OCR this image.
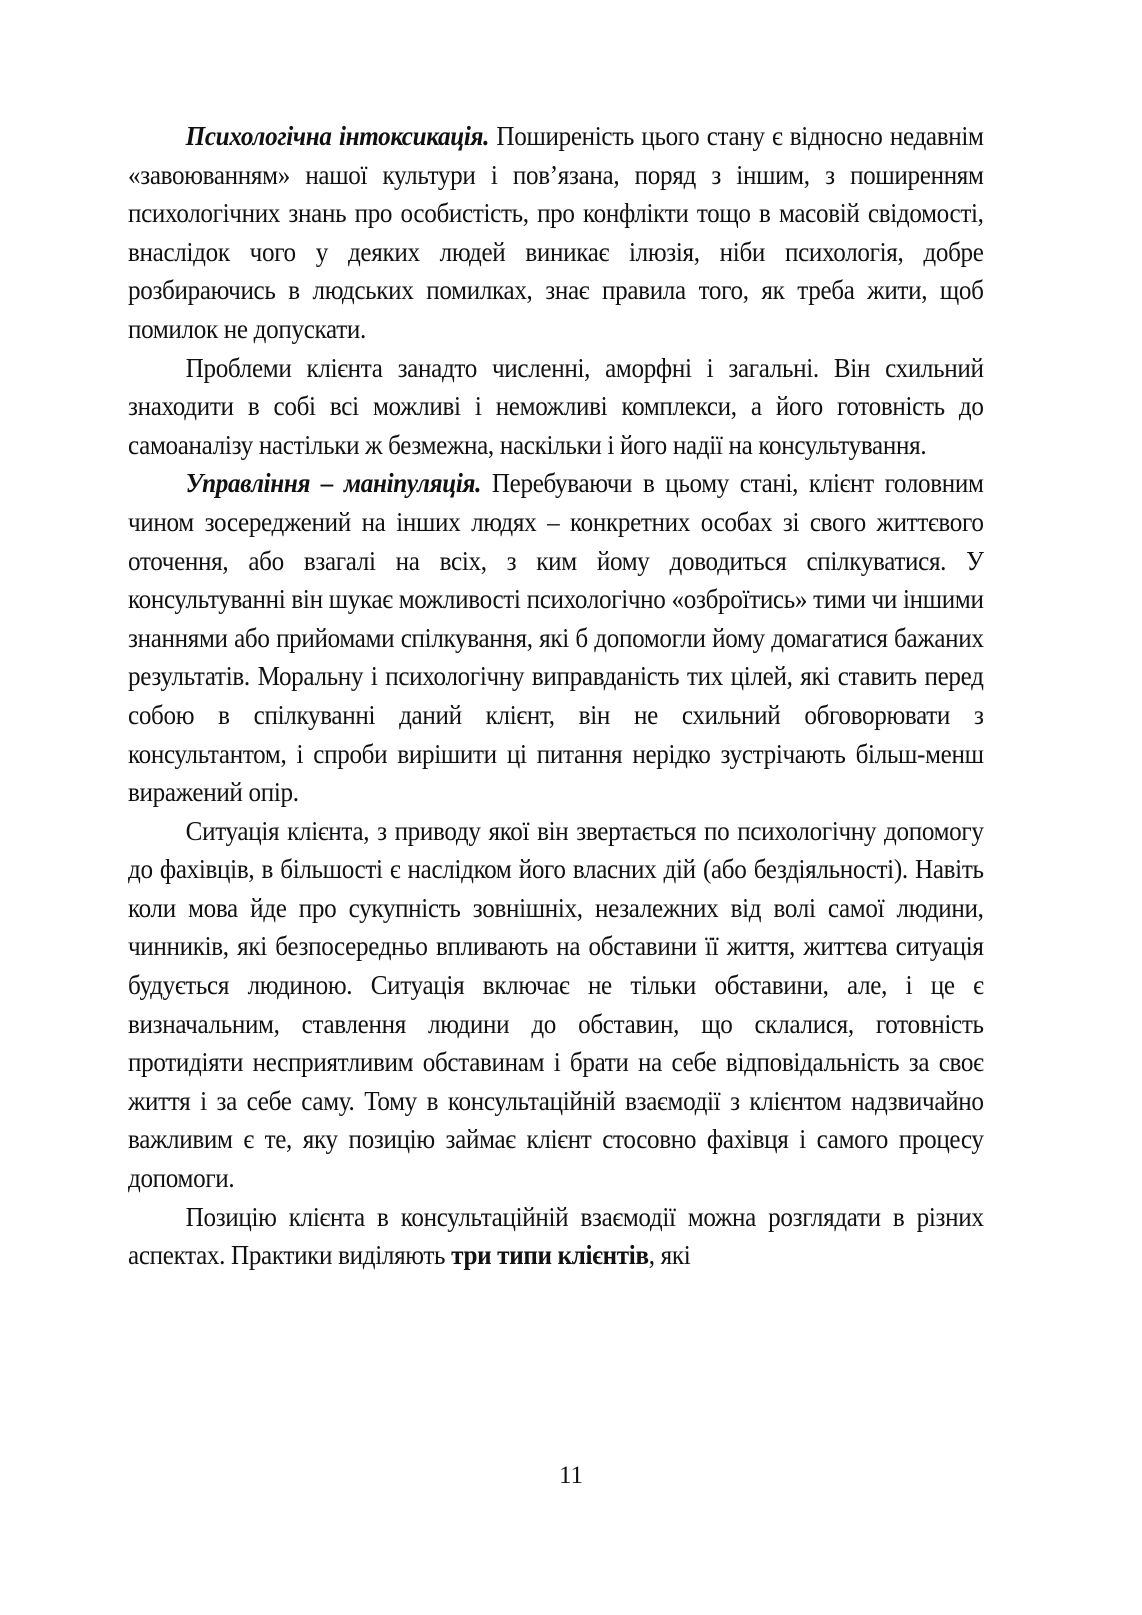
Психологічна інтоксикація. Поширеність цього стану є відносно недавнім «завоюванням» нашої культури і пов’язана, поряд з іншим, з поширенням психологічних знань про особистість, про конфлікти тощо в масовій свідомості, внаслідок чого у деяких людей виникає ілюзія, ніби психологія, добре розбираючись в людських помилках, знає правила того, як треба жити, щоб помилок не допускати.

Проблеми клієнта занадто численні, аморфні і загальні. Він схильний знаходити в собі всі можливі і неможливі комплекси, а його готовність до самоаналізу настільки ж безмежна, наскільки і його надії на консультування.

Управління – маніпуляція. Перебуваючи в цьому стані, клієнт головним чином зосереджений на інших людях – конкретних особах зі свого життєвого оточення, або взагалі на всіх, з ким йому доводиться спілкуватися. У консультуванні він шукає можливості психологічно «озброїтись» тими чи іншими знаннями або прийомами спілкування, які б допомогли йому домагатися бажаних результатів. Моральну і психологічну виправданість тих цілей, які ставить перед собою в спілкуванні даний клієнт, він не схильний обговорювати з консультантом, і спроби вирішити ці питання нерідко зустрічають більш-менш виражений опір.

Ситуація клієнта, з приводу якої він звертається по психологічну допомогу до фахівців, в більшості є наслідком його власних дій (або бездіяльності). Навіть коли мова йде про сукупність зовнішніх, незалежних від волі самої людини, чинників, які безпосередньо впливають на обставини її життя, життєва ситуація будується людиною. Ситуація включає не тільки обставини, але, і це є визначальним, ставлення людини до обставин, що склалися, готовність протидіяти несприятливим обставинам і брати на себе відповідальність за своє життя і за себе саму. Тому в консультаційній взаємодії з клієнтом надзвичайно важливим є те, яку позицію займає клієнт стосовно фахівця і самого процесу допомоги.

Позицію клієнта в консультаційній взаємодії можна розглядати в різних аспектах. Практики виділяють три типи клієнтів, які

11
